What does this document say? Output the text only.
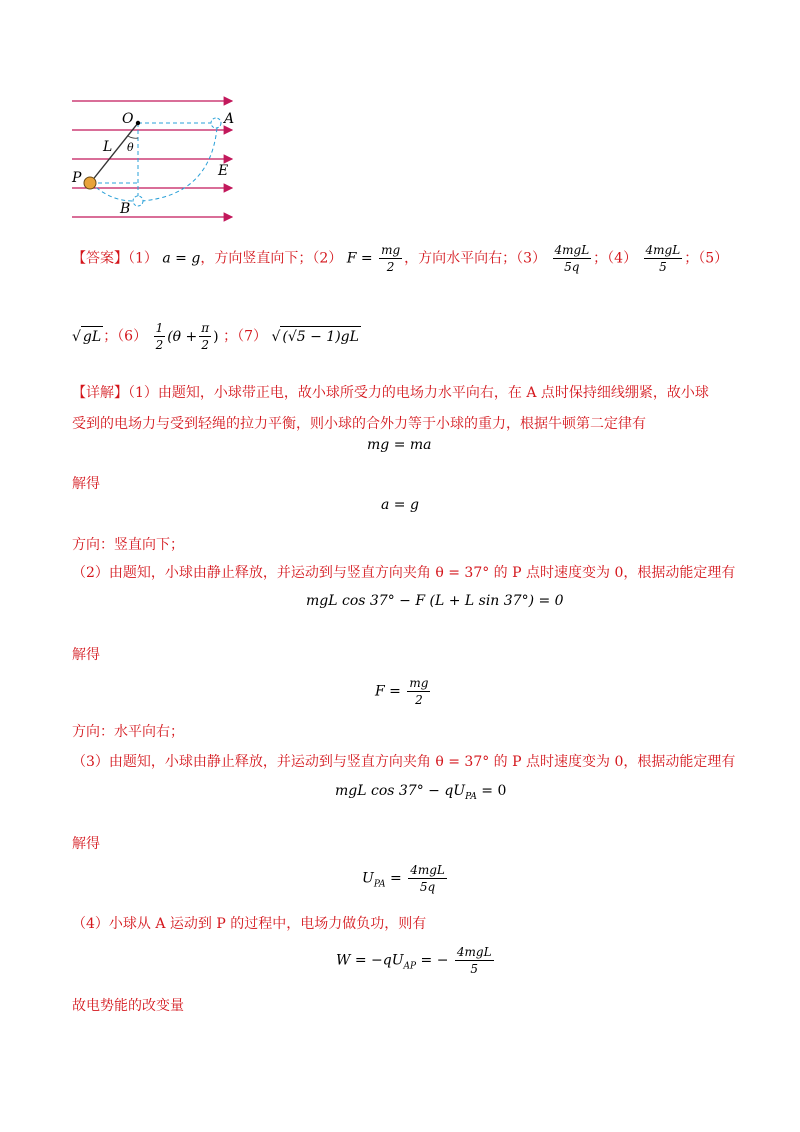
O	A
L θ
P	E
B
【答案】（1） a = g，方向竖直向下；（2） $F = \frac{mg}{2}$ ，方向水平向右；$(3) \frac{\text{4mgL}}{5q}$ ；$(4) \frac{\text{4mgL}}{5}$ ；（5）
√ gL ；$(6) \frac{1}{2} (\theta + \frac{\pi}{2}$ ) ；（7） √ (√5 − 1)gL
【详解】（1）由题知，小球带正电，故小球所受力的电场力水平向右，在 A 点时保持细线绷紧，故小球
受到的电场力与受到轻绳的拉力平衡，则小球的合外力等于小球的重力，根据牛顿第二定律有
mg = ma
解得
a = g
方向：竖直向下；
（2）由题知，小球由静止释放，并运动到与竖直方向夹角 θ = 37° 的 P 点时速度变为 0，根据动能定理有
mgL cos 37° − F (L + L sin 37°) = 0
解得
$F = \frac{mg}{2}$
方向：水平向右；
（3）由题知，小球由静止释放，并运动到与竖直方向夹角 θ = 37° 的 P 点时速度变为 0，根据动能定理有
mgL $\cos 37^\circ - qU_{PA} = 0$
解得
$U_{PA} = \frac{\text{4mgL}}{5q}$
（4）小球从 A 运动到 P 的过程中，电场力做负功，则有
$W = -qU_{AP}$ = − $\frac{\text{4mgL}}{5}$
故电势能的改变量
